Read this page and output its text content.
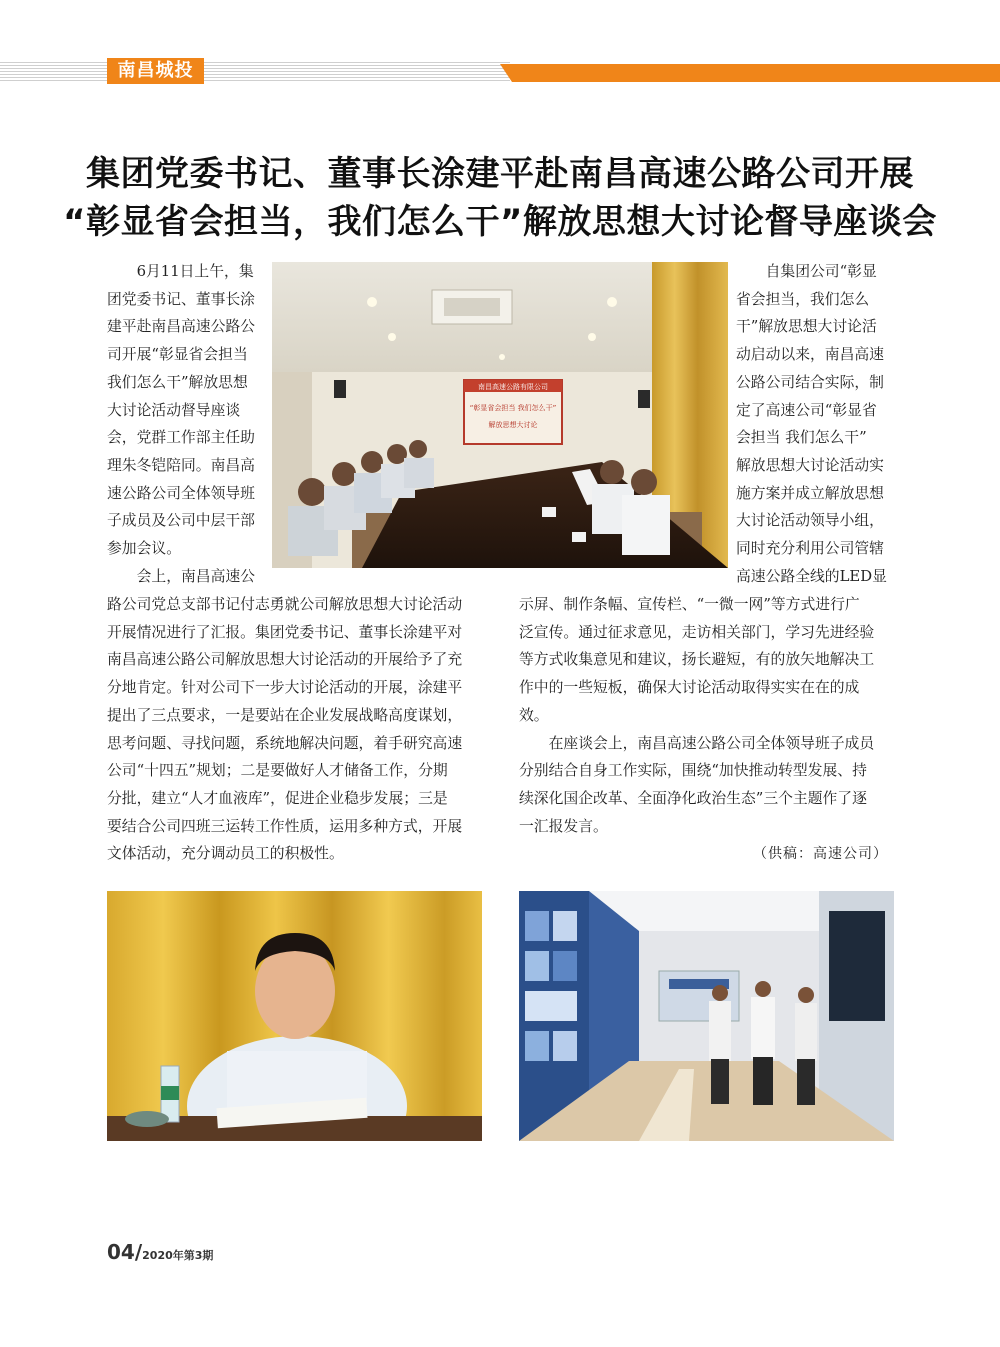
南昌城投
集团党委书记、董事长涂建平赴南昌高速公路公司开展
“彰显省会担当，我们怎么干”解放思想大讨论督导座谈会

6月11日上午，集

团党委书记、董事长涂

建平赴南昌高速公路公

司开展“彰显省会担当

我们怎么干”解放思想

大讨论活动督导座谈

会，党群工作部主任助

理朱冬铠陪同。南昌高

速公路公司全体领导班

子成员及公司中层干部

参加会议。

会上，南昌高速公

路公司党总支部书记付志勇就公司解放思想大讨论活动

开展情况进行了汇报。集团党委书记、董事长涂建平对

南昌高速公路公司解放思想大讨论活动的开展给予了充

分地肯定。针对公司下一步大讨论活动的开展，涂建平

提出了三点要求，一是要站在企业发展战略高度谋划，

思考问题、寻找问题，系统地解决问题，着手研究高速

公司“十四五”规划；二是要做好人才储备工作，分期

分批，建立“人才血液库”，促进企业稳步发展；三是

要结合公司四班三运转工作性质，运用多种方式，开展

文体活动，充分调动员工的积极性。

自集团公司“彰显

省会担当，我们怎么

干”解放思想大讨论活

动启动以来，南昌高速

公路公司结合实际，制

定了高速公司“彰显省

会担当 我们怎么干”

解放思想大讨论活动实

施方案并成立解放思想

大讨论活动领导小组，

同时充分利用公司管辖

高速公路全线的LED显

示屏、制作条幅、宣传栏、“一微一网”等方式进行广

泛宣传。通过征求意见，走访相关部门，学习先进经验

等方式收集意见和建议，扬长避短，有的放矢地解决工

作中的一些短板，确保大讨论活动取得实实在在的成

效。

在座谈会上，南昌高速公路公司全体领导班子成员

分别结合自身工作实际，围绕“加快推动转型发展、持

续深化国企改革、全面净化政治生态”三个主题作了逐

一汇报发言。

（供稿：高速公司）
南昌高速公路有限公司
“彰显省会担当 我们怎么干”
解放思想大讨论
04/2020年第3期
